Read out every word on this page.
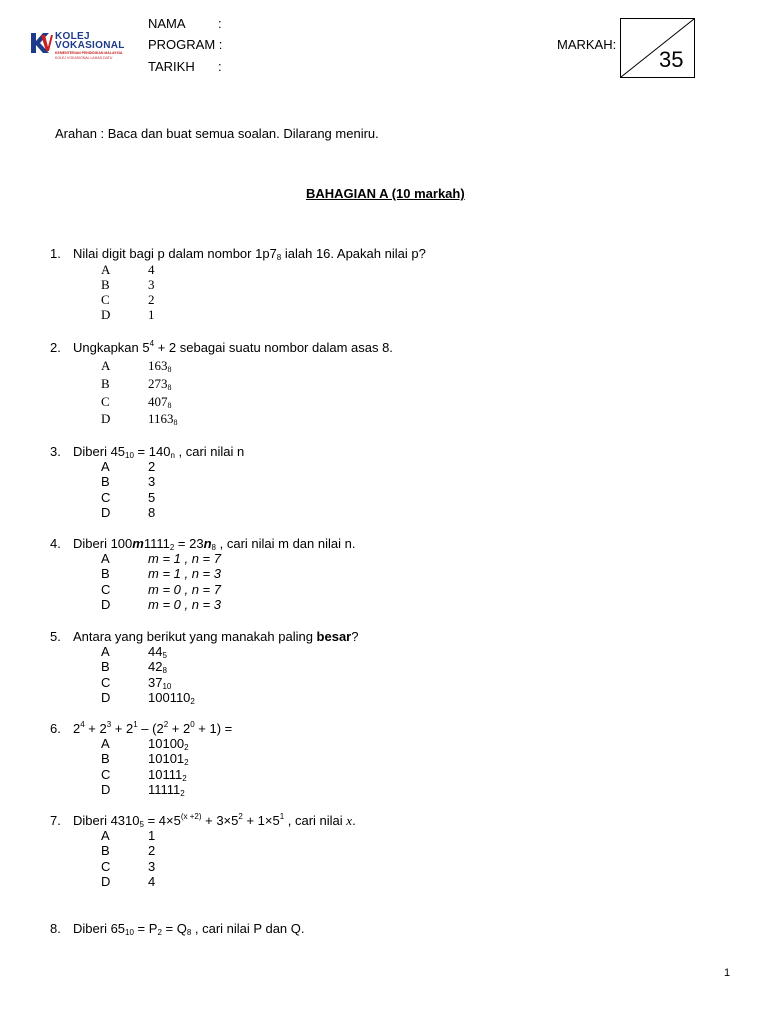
KOLEJ
VOKASIONAL
KEMENTERIAN PENDIDIKAN MALAYSIA
KOLEJ VOKASIONAL LAHAD DATU
NAMA :
PROGRAM :
TARIKH :
MARKAH:
35
Arahan : Baca dan buat semua soalan. Dilarang meniru.
BAHAGIAN A (10 markah)
1. Nilai digit bagi p dalam nombor $1p7_8$ ialah 16. Apakah nilai p?
A	4
B	3
C	2
D	1
2. Ungkapkan $5^4 + 2$ sebagai suatu nombor dalam asas 8.
A	$163_8$
B	$273_8$
C	$407_8$
D	$1163_8$
3. Diberi $45_{10} = 140_n$ , cari nilai n
A	2
B	3
C	5
D	8
4. Diberi $100m1111_2 = 23n_8$ , cari nilai m dan nilai n.
A	m = 1 , n = 7
B	m = 1 , n = 3
C	m = 0 , n = 7
D	m = 0 , n = 3
5. Antara yang berikut yang manakah paling besar?
A	$44_5$
B	$42_8$
C	$37_{10}$
D	$100110_2$
6. $2^4 + 2^3 + 2^1 - (2^2 + 2^0 + 1)$ =
A	$10100_2$
B	$10101_2$
C	$10111_2$
D	$11111_2$
7. Diberi $4310_5 = 4\times 5^{(x +2)} + 3\times 5^2 + 1\times 5^1$ , cari nilai x.
A	1
B	2
C	3
D	4
8. Diberi $65_{10} = P_2 = Q_8$ , cari nilai P dan Q.
1
